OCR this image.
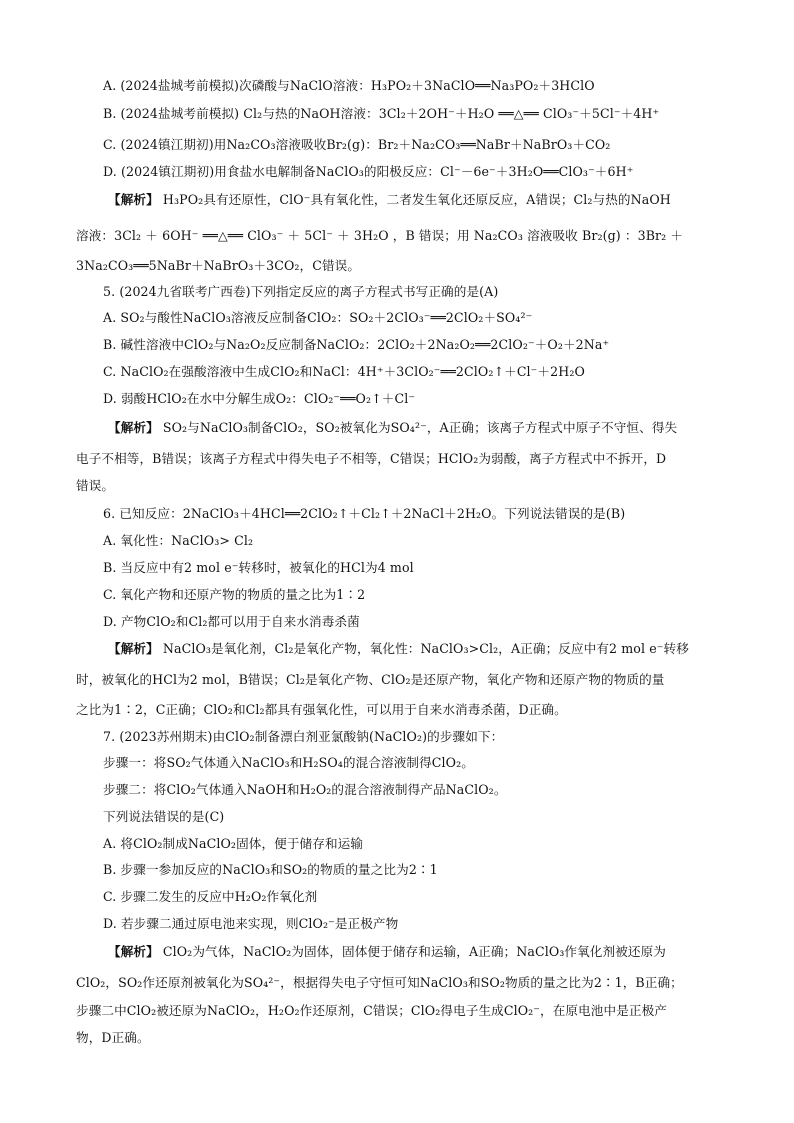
A. (2024盐城考前模拟)次磷酸与NaClO溶液：H₃PO₂＋3NaClO══Na₃PO₂＋3HClO
B. (2024盐城考前模拟) Cl₂与热的NaOH溶液：3Cl₂＋2OH⁻＋H₂O ══△══ ClO₃⁻＋5Cl⁻＋4H⁺
C. (2024镇江期初)用Na₂CO₃溶液吸收Br₂(g)：Br₂＋Na₂CO₃══NaBr＋NaBrO₃＋CO₂
D. (2024镇江期初)用食盐水电解制备NaClO₃的阳极反应：Cl⁻－6e⁻＋3H₂O══ClO₃⁻＋6H⁺
【解析】 H₃PO₂具有还原性，ClO⁻具有氧化性，二者发生氧化还原反应，A错误；Cl₂与热的NaOH
溶液：3Cl₂ ＋ 6OH⁻ ══△══ ClO₃⁻ ＋ 5Cl⁻ ＋ 3H₂O ，B 错误；用 Na₂CO₃ 溶液吸收 Br₂(g) ：3Br₂ ＋
3Na₂CO₃══5NaBr＋NaBrO₃＋3CO₂，C错误。
5. (2024九省联考广西卷)下列指定反应的离子方程式书写正确的是(A)
A. SO₂与酸性NaClO₃溶液反应制备ClO₂：SO₂＋2ClO₃⁻══2ClO₂＋SO₄²⁻
B. 碱性溶液中ClO₂与Na₂O₂反应制备NaClO₂：2ClO₂＋2Na₂O₂══2ClO₂⁻＋O₂＋2Na⁺
C. NaClO₂在强酸溶液中生成ClO₂和NaCl：4H⁺＋3ClO₂⁻══2ClO₂↑＋Cl⁻＋2H₂O
D. 弱酸HClO₂在水中分解生成O₂：ClO₂⁻══O₂↑＋Cl⁻
【解析】 SO₂与NaClO₃制备ClO₂，SO₂被氧化为SO₄²⁻，A正确；该离子方程式中原子不守恒、得失
电子不相等，B错误；该离子方程式中得失电子不相等，C错误；HClO₂为弱酸，离子方程式中不拆开，D
错误。
6. 已知反应：2NaClO₃＋4HCl══2ClO₂↑＋Cl₂↑＋2NaCl＋2H₂O。下列说法错误的是(B)
A. 氧化性：NaClO₃> Cl₂
B. 当反应中有2 mol e⁻转移时，被氧化的HCl为4 mol
C. 氧化产物和还原产物的物质的量之比为1∶2
D. 产物ClO₂和Cl₂都可以用于自来水消毒杀菌
【解析】 NaClO₃是氧化剂，Cl₂是氧化产物，氧化性：NaClO₃>Cl₂，A正确；反应中有2 mol e⁻转移
时，被氧化的HCl为2 mol，B错误；Cl₂是氧化产物、ClO₂是还原产物，氧化产物和还原产物的物质的量
之比为1∶2，C正确；ClO₂和Cl₂都具有强氧化性，可以用于自来水消毒杀菌，D正确。
7. (2023苏州期末)由ClO₂制备漂白剂亚氯酸钠(NaClO₂)的步骤如下：
步骤一：将SO₂气体通入NaClO₃和H₂SO₄的混合溶液制得ClO₂。
步骤二：将ClO₂气体通入NaOH和H₂O₂的混合溶液制得产品NaClO₂。
下列说法错误的是(C)
A. 将ClO₂制成NaClO₂固体，便于储存和运输
B. 步骤一参加反应的NaClO₃和SO₂的物质的量之比为2∶1
C. 步骤二发生的反应中H₂O₂作氧化剂
D. 若步骤二通过原电池来实现，则ClO₂⁻是正极产物
【解析】 ClO₂为气体，NaClO₂为固体，固体便于储存和运输，A正确；NaClO₃作氧化剂被还原为
ClO₂，SO₂作还原剂被氧化为SO₄²⁻，根据得失电子守恒可知NaClO₃和SO₂物质的量之比为2∶1，B正确；
步骤二中ClO₂被还原为NaClO₂，H₂O₂作还原剂，C错误；ClO₂得电子生成ClO₂⁻，在原电池中是正极产
物，D正确。
